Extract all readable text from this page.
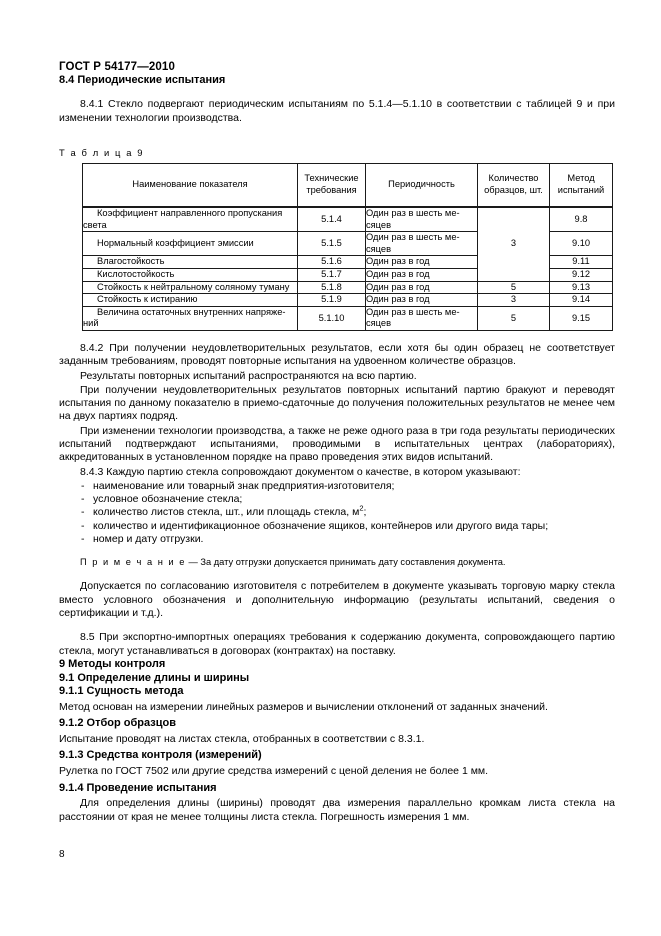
ГОСТ Р 54177—2010
8.4 Периодические испытания

8.4.1 Стекло подвергают периодическим испытаниям по 5.1.4—5.1.10 в соответствии с таблицей 9 и при изменении технологии производства.

Т а б л и ц а 9
Наименование показателя	Технические требования	Периодичность	Количество образцов, шт.	Метод испытаний
Коэффициент направленного пропускания света	5.1.4	Один раз в шесть месяцев	3	9.8
Нормальный коэффициент эмиссии	5.1.5	Один раз в шесть месяцев		9.10
Влагостойкость	5.1.6	Один раз в год		9.11
Кислотостойкость	5.1.7	Один раз в год		9.12
Стойкость к нейтральному соляному туману	5.1.8	Один раз в год	5	9.13
Стойкость к истиранию	5.1.9	Один раз в год	3	9.14
Величина остаточных внутренних напряжений	5.1.10	Один раз в шесть месяцев	5	9.15

8.4.2 При получении неудовлетворительных результатов, если хотя бы один образец не соответствует заданным требованиям, проводят повторные испытания на удвоенном количестве образцов.

Результаты повторных испытаний распространяются на всю партию.

При получении неудовлетворительных результатов повторных испытаний партию бракуют и переводят испытания по данному показателю в приемо-сдаточные до получения положительных результатов не менее чем на двух партиях подряд.

При изменении технологии производства, а также не реже одного раза в три года результаты периодических испытаний подтверждают испытаниями, проводимыми в испытательных центрах (лабораториях), аккредитованных в установленном порядке на право проведения этих видов испытаний.

8.4.3 Каждую партию стекла сопровождают документом о качестве, в котором указывают:

- наименование или товарный знак предприятия-изготовителя;
- условное обозначение стекла;
- количество листов стекла, шт., или площадь стекла, $м^2$;
- количество и идентификационное обозначение ящиков, контейнеров или другого вида тары;
- номер и дату отгрузки.

П р и м е ч а н и е — За дату отгрузки допускается принимать дату составления документа.

Допускается по согласованию изготовителя с потребителем в документе указывать торговую марку стекла вместо условного обозначения и дополнительную информацию (результаты испытаний, сведения о сертификации и т.д.).

8.5 При экспортно-импортных операциях требования к содержанию документа, сопровождающего партию стекла, могут устанавливаться в договорах (контрактах) на поставку.

9 Методы контроля
9.1 Определение длины и ширины
9.1.1 Сущность метода

Метод основан на измерении линейных размеров и вычислении отклонений от заданных значений.

9.1.2 Отбор образцов

Испытание проводят на листах стекла, отобранных в соответствии с 8.3.1.

9.1.3 Средства контроля (измерений)

Рулетка по ГОСТ 7502 или другие средства измерений с ценой деления не более 1 мм.

9.1.4 Проведение испытания

Для определения длины (ширины) проводят два измерения параллельно кромкам листа стекла на расстоянии от края не менее толщины листа стекла. Погрешность измерения 1 мм.

8
